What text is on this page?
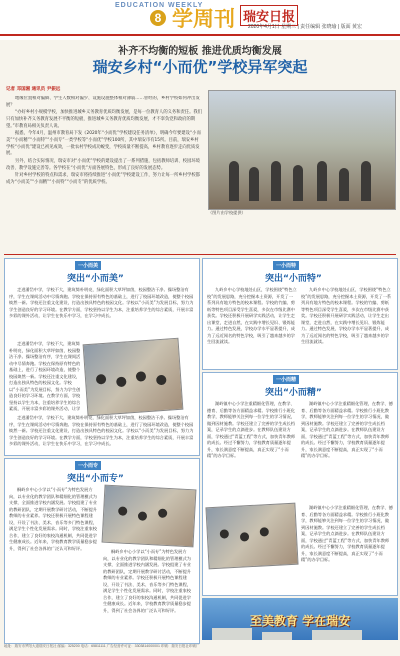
EDUCATION WEEKLY
8 学周刊 瑞安日报
2020年4月1日 星期三 | 责任编辑 张晓瑜 | 版面 黄宏
补齐不均衡的短板 推进优质均衡发展
瑞安乡村“小而优”学校异军突起
记者 邓国湘 通讯员 尹振远

地缘位置相对偏僻、学生人数相对偏少、设施设施整体相对薄弱……曾经的，乡村学校如何冲出发展？

“办好乡村小规模学校，加快推进城乡义务教育优质均衡发展，是每一位教育人的义务和责任。我们只有加快补齐义务教育发展不平衡的短板，推进城乡义务教育优质均衡发展，才不辜负党和政府的期望。”市教育局相关负责人说。

据悉，今年4月，温州市教育局下发《2020年“小而优”学校建设任务清单》，明确今年要建设“小而美”“小而精”“小而特”“小而专”一类学校等“小而优”学校100所，其中瑞安市有15所。目前，瑞安乡村学校“小而优”建设已初见成效，一批农村学校成功蜕变，学校质量不断提高，乡村教育逐步走向优质发展。

另外，结合实际情况，瑞安市对“小而优”学校的建设提出了一系列措施，包括教师培训、校园环境改善、教学设施完善等。各学校在“小而优”方面各展特色，形成了良好的发展态势。

针对乡村学校的特点和需求，瑞安市将持续推进“小而优”学校建设工作，努力让每一所乡村学校都成为“小而美”“小而精”“小而特”“小而专”的优质学校。

（图片由学校提供）
一小而美
突出“小而美”

走进潘岱中学，学校不大，建筑简朴明亮，绿化面积大草坪如茵，校园整洁干净。操场整洁有序，学生在课间活动中尽情奔跑。学校在保持原有特色的基础上，进行了校园环境改造，使整个校园焕然一新。学校还注重文化建设，打造出独具特色的校园文化。学校以“小而美”为发展目标，努力为学生创造良好的学习环境。在教学方面，学校坚持以学生为本，注重培养学生的综合素质，开展丰富多彩的课外活动，让学生在快乐中学习，在学习中成长。

走进潘岱中学，学校不大，建筑简朴明亮，绿化面积大草坪如茵，校园整洁干净。操场整洁有序，学生在课间活动中尽情奔跑。学校在保持原有特色的基础上，进行了校园环境改造，使整个校园焕然一新。学校还注重文化建设，打造出独具特色的校园文化。学校以“小而美”为发展目标，努力为学生创造良好的学习环境。在教学方面，学校坚持以学生为本，注重培养学生的综合素质，开展丰富多彩的课外活动，让学

走进潘岱中学，学校不大，建筑简朴明亮，绿化面积大草坪如茵，校园整洁干净。操场整洁有序，学生在课间活动中尽情奔跑。学校在保持原有特色的基础上，进行了校园环境改造，使整个校园焕然一新。学校还注重文化建设，打造出独具特色的校园文化。学校以“小而美”为发展目标，努力为学生创造良好的学习环境。在教学方面，学校坚持以学生为本，注重培养学生的综合素质，开展丰富多彩的课外活动，让学生在快乐中学习，在学习中成长。

一小而专
突出“小而专”

桐岭乡中心小学以“小而专”为特色发展方向，以专业化的教学团队和精细化的管理模式为支撑，全面推进学校内涵发展。学校组建了专业的教研团队，定期开展教学研讨活动，不断提升教师的专业素养。学校还积极开展特色课程建设，开设了书法、美术、音乐等多门特色课程，满足学生个性化发展需求。同时，学校注重家校合作，建立了良好的家校沟通机制，共同促进学生健康成长。近年来，学校教育教学质量稳步提升，得到了社会各界的广泛认可和好评。

桐岭乡中心小学以“小而专”为特色发展方向，以专业化的教学团队和精细化的管理模式为支撑，全面推进学校内涵发展。学校组建了专业的教研团队，定期开展教学研讨活动，不断提升教师的专业素养。学校还积极开展特色课程建设，开设了书法、美术、音乐等多门特色课程，满足学生个性化发展需求。同时，学校注重家校合作，建立了良好的家校沟通机制，共同促进学生健康成长。近年来，学校教育教学质量稳步提升，得到了社会各界的广泛认可和好评。

一小而特
突出“小而特”

九岭乡中心学校地处山区，学校围绕“特色立校”的发展思路，充分挖掘本土资源，开发了一系列具有地方特色的校本课程。学校的竹编、剪纸等特色项目深受学生喜爱，多次在市级比赛中获奖。学校还积极开展研学实践活动，让学生走出课堂，走进自然，在实践中增长见识、锻炼能力。通过特色发展，学校办学水平显著提升，成为了远近闻名的特色学校，吸引了越来越多的学生回流就读。

九岭乡中心学校地处山区，学校围绕“特色立校”的发展思路，充分挖掘本土资源，开发了一系列具有地方特色的校本课程。学校的竹编、剪纸等特色项目深受学生喜爱，多次在市级比赛中获奖。学校还积极开展研学实践活动，让学生走出课堂，走进自然，在实践中增长见识、锻炼能力。通过特色发展，学校办学水平显著提升，成为了远近闻名的特色学校，吸引了越来越多的学生回流就读。

一小而精
突出“小而精”

湖岭镇中心小学注重精细化管理，在教学、德育、后勤等各方面精益求精。学校推行小班化教学，教师能够关注到每一位学生的学习情况，做到因材施教。学校还建立了完善的学生成长档案，记录学生的点滴进步。在教师队伍建设方面，学校通过“青蓝工程”等方式，加快青年教师的成长。经过不懈努力，学校教育质量逐年提升，家长满意度不断提高，真正实现了“小而精”的办学目标。

湖岭镇中心小学注重精细化管理，在教学、德育、后勤等各方面精益求精。学校推行小班化教学，教师能够关注到每一位学生的学习情况，做到因材施教。学校还建立了完善的学生成长档案，记录学生的点滴进步。在教师队伍建设方面，学校通过“青蓝工程”等方式，加快青年教师的成长。经过不懈努力，学校教育质量逐年提升，家长满意度不断提高，真正实现了“小而精”的办学目标。

湖岭镇中心小学注重精细化管理，在教学、德育、后勤等各方面精益求精。学校推行小班化教学，教师能够关注到每一位学生的学习情况，做到因材施教。学校还建立了完善的学生成长档案，记录学生的点滴进步。在教师队伍建设方面，学校通过“青蓝工程”等方式，加快青年教师的成长。经过不懈努力，学校教育质量逐年提升，家长满意度不断提高，真正实现了“小而精”的办学目标。

至美教育 学在瑞安
地址：瑞安市罗阳大道瑞安日报社 邮编：325200 电话：65811111 广告经营许可证：3303814000001 印刷：瑞安日报社印刷厂
